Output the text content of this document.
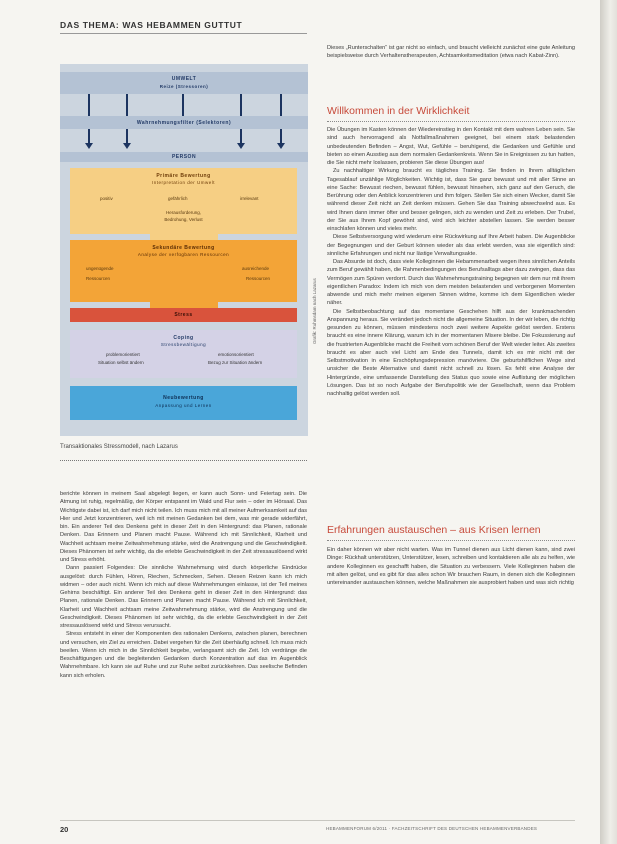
DAS THEMA: WAS HEBAMMEN GUTTUT
UMWELT
Reize (Stressoren)
Wahrnehmungsfilter (Selektoren)
PERSON
Primäre Bewertung
Interpretation der Umwelt
positiv	gefährlich	irrelevant
Herausforderung,
Bedrohung, Verlust
Sekundäre Bewertung
Analyse der verfügbaren Ressourcen
ungenügende
Ressourcen
ausreichende
Ressourcen
Stress
Coping
Stressbewältigung
problemorientiert
Situation selbst ändern
emotionsorientiert
Bezug zur Situation ändern
Neubewertung
Anpassung und Lernen
Grafik: Ruhmsdam nach Lazarus
Transaktionales Stressmodell, nach Lazarus

berichte können in meinem Saal abgelegt liegen, er kann auch Sonn- und Feiertag sein. Die Atmung ist ruhig, regelmäßig, der Körper entspannt im Wald und Flur sein – oder im Hörsaal. Das Wichtigste dabei ist, ich darf mich nicht teilen. Ich muss mich mit all meiner Aufmerksamkeit auf das Hier und Jetzt konzentrieren, weil ich mit meinen Gedanken bei dem, was mir gerade widerfährt, bin. Ein anderer Teil des Denkens geht in dieser Zeit in den Hintergrund: das Planen, rationale Denken. Das Erinnern und Planen macht Pause. Während ich mit Sinnlichkeit, Klarheit und Wachheit achtsam meine Zeitwahrnehmung stärke, wird die Anstrengung und die Geschwindigkeit. Dieses Phänomen ist sehr wichtig, da die erlebte Geschwindigkeit in der Zeit stressauslösend wirkt und Stress erhöht.

Dann passiert Folgendes: Die sinnliche Wahrnehmung wird durch körperliche Eindrücke ausgelöst: durch Fühlen, Hören, Riechen, Schmecken, Sehen. Diesen Reizen kann ich mich widmen – oder auch nicht. Wenn ich mich auf diese Wahrnehmungen einlasse, ist der Teil meines Gehirns beschäftigt. Ein anderer Teil des Denkens geht in dieser Zeit in den Hintergrund: das Planen, rationale Denken. Das Erinnern und Planen macht Pause. Während ich mit Sinnlichkeit, Klarheit und Wachheit achtsam meine Zeitwahrnehmung stärke, wird die Anstrengung und die Geschwindigkeit. Dieses Phänomen ist sehr wichtig, da die erlebte Geschwindigkeit in der Zeit stressauslösend wirkt und Stress verursacht.

Stress entsteht in einer der Komponenten des rationalen Denkens, zwischen planen, berechnen und versuchen, ein Ziel zu erreichen. Dabei vergehen für die Zeit überhäufig schnell. Ich muss mich beeilen. Wenn ich mich in die Sinnlichkeit begebe, verlangsamt sich die Zeit. Ich verdränge die Beschäftigungen und die begleitenden Gedanken durch Konzentration auf das im Augenblick Wahrnehmbare. Ich kann sie auf Ruhe und zur Ruhe selbst zurückkehren. Das seelische Befinden kann sich erholen.

Dieses „Runterschalten“ ist gar nicht so einfach, und braucht vielleicht zunächst eine gute Anleitung beispielsweise durch Verhaltenstherapeuten, Achtsamkeitsmeditation (etwa nach Kabat-Zinn).

Willkommen in der Wirklichkeit

Die Übungen im Kasten können der Wiedereinstieg in den Kontakt mit dem wahren Leben sein. Sie sind auch hervorragend als Notfallmaßnahmen geeignet, bei einem stark belastenden unbedeutenden Befinden – Angst, Wut, Gefühle – beruhigend, die Gedanken und Gefühle und bieten so einen Ausstieg aus dem normalen Gedankenkreis. Wenn Sie in Ereignissen zu tun hatten, die Sie nicht mehr loslassen, probieren Sie diese Übungen aus!

Zu nachhaltiger Wirkung braucht es tägliches Training. Sie finden in Ihrem alltäglichen Tagesablauf unzählige Möglichkeiten. Wichtig ist, dass Sie ganz bewusst und mit aller Sinne an eine Sache: Bewusst riechen, bewusst fühlen, bewusst hinsehen, sich ganz auf den Geruch, die Berührung oder den Anblick konzentrieren und ihm folgen. Stellen Sie sich einen Wecker, damit Sie während dieser Zeit nicht an Zeit denken müssen. Gehen Sie das Training abwechselnd aus. Es wird Ihnen dann immer öfter und besser gelingen, sich zu wenden und Zeit zu erleben. Der Trubel, der Sie aus Ihrem Kopf gewöhnt sind, wird sich leichter abstellen lassen. Sie werden besser einschlafen können und vieles mehr.

Diese Selbstversorgung wird wiederum eine Rückwirkung auf Ihre Arbeit haben. Die Augenblicke der Begegnungen und der Geburt können wieder als das erlebt werden, was sie eigentlich sind: sinnliche Erfahrungen und nicht nur lästige Verwaltungsakte.

Das Absurde ist doch, dass viele Kolleginnen die Hebammenarbeit wegen ihres sinnlichen Anteils zum Beruf gewählt haben, die Rahmenbedingungen des Berufsalltags aber dazu zwingen, dass das Vermögen zum Spüren verdorrt. Durch das Wahrnehmungstraining begegnen wir dem nur mit ihrem eigentlichen Paradox: Indem ich mich von dem meisten belastenden und verborgenen Momenten abwende und mich mehr meinen eigenen Sinnen widme, komme ich dem Eigentlichen wieder näher.

Die Selbstbeobachtung auf das momentane Geschehen hilft aus der krankmachenden Anspannung heraus. Sie verändert jedoch nicht die allgemeine Situation. In der wir leben, die richtig gesunden zu können, müssen mindestens noch zwei weitere Aspekte gelöst werden. Erstens braucht es eine innere Klärung, warum ich in der momentanen Misere bleibe. Die Fokussierung auf die frustrierten Augenblicke macht die Freiheit vom schönen Beruf der Welt wieder leiter. Als zweites braucht es aber auch viel Licht am Ende des Tunnels, damit ich es mir nicht mit der Selbstmotivation in eine Erschöpfungsdepression manövriere. Die geburtshilflichen Wege sind unsicher die Beste Alternative und damit nicht schnell zu lösen. Es fehlt eine Analyse der Hintergründe, eine umfassende Darstellung des Status quo sowie eine Auflistung der möglichen Lösungen. Das ist so noch Aufgabe der Berufspolitik wie der Gesellschaft, wenn das Problem nachhaltig gelöst werden soll.

Erfahrungen austauschen – aus Krisen lernen

Ein daher können wir aber nicht warten. Was im Tunnel dienen aus Licht dienen kann, sind zwei Dinge: Rückhalt unterstützen, Unterstützer, lesen, schreiben und kontaktieren alle als zu helfen, wie andere Kolleginnen es geschafft haben, die Situation zu verbessern. Viele Kolleginnen haben die mit alten gelöst, und es gibt für das alles schon Wir brauchen Raum, in denen sich die Kolleginnen untereinander austauschen können, welche Maßnahmen sie ausprobiert haben und was sich richtig

20	HEBAMMENFORUM 6/2011 · FACHZEITSCHRIFT DES DEUTSCHEN HEBAMMENVERBANDES
